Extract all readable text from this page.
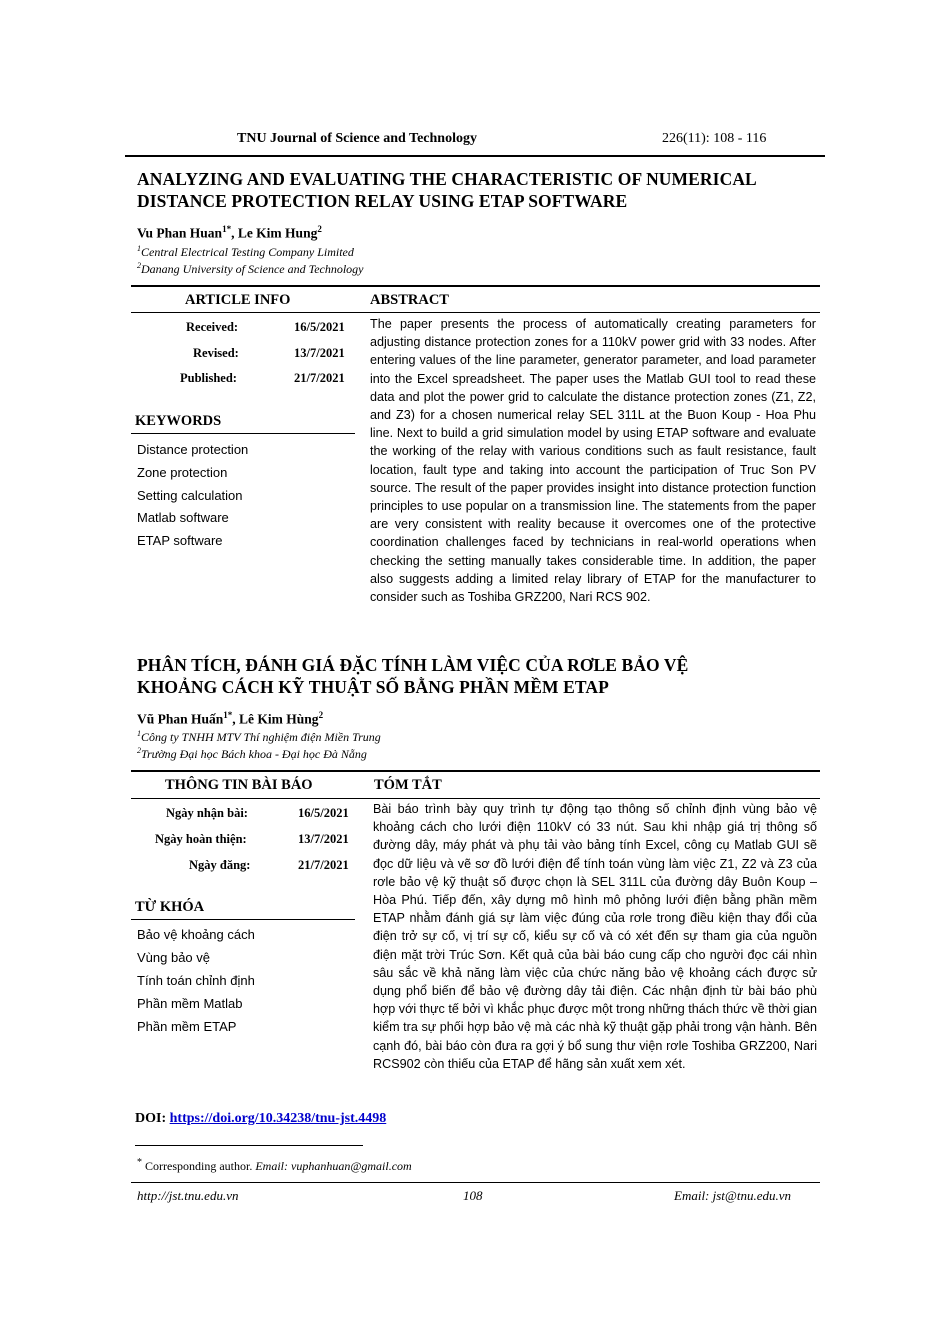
TNU Journal of Science and Technology	226(11): 108 - 116
ANALYZING AND EVALUATING THE CHARACTERISTIC OF NUMERICAL
DISTANCE PROTECTION RELAY USING ETAP SOFTWARE
Vu Phan Huan$^{1*}$, Le Kim Hung$^2$
$^1$Central Electrical Testing Company Limited
$^2$Danang University of Science and Technology
ARTICLE INFO	ABSTRACT
Received:	16/5/2021
Revised:	13/7/2021
Published:	21/7/2021
KEYWORDS
Distance protection
Zone protection
Setting calculation
Matlab software
ETAP software
The paper presents the process of automatically creating parameters for adjusting distance protection zones for a 110kV power grid with 33 nodes. After entering values of the line parameter, generator parameter, and load parameter into the Excel spreadsheet. The paper uses the Matlab GUI tool to read these data and plot the power grid to calculate the distance protection zones (Z1, Z2, and Z3) for a chosen numerical relay SEL 311L at the Buon Koup - Hoa Phu line. Next to build a grid simulation model by using ETAP software and evaluate the working of the relay with various conditions such as fault resistance, fault location, fault type and taking into account the participation of Truc Son PV source. The result of the paper provides insight into distance protection function principles to use popular on a transmission line. The statements from the paper are very consistent with reality because it overcomes one of the protective coordination challenges faced by technicians in real-world operations when checking the setting manually takes considerable time. In addition, the paper also suggests adding a limited relay library of ETAP for the manufacturer to consider such as Toshiba GRZ200, Nari RCS 902.
PHÂN TÍCH, ĐÁNH GIÁ ĐẶC TÍNH LÀM VIỆC CỦA RƠLE BẢO VỆ
KHOẢNG CÁCH KỸ THUẬT SỐ BẰNG PHẦN MỀM ETAP
Vũ Phan Huấn$^{1*}$, Lê Kim Hùng$^2$
$^1$Công ty TNHH MTV Thí nghiệm điện Miền Trung
$^2$Trường Đại học Bách khoa - Đại học Đà Nẵng
THÔNG TIN BÀI BÁO	TÓM TẮT
Ngày nhận bài:	16/5/2021
Ngày hoàn thiện:	13/7/2021
Ngày đăng:	21/7/2021
TỪ KHÓA
Bảo vệ khoảng cách
Vùng bảo vệ
Tính toán chỉnh định
Phần mềm Matlab
Phần mềm ETAP
Bài báo trình bày quy trình tự động tạo thông số chỉnh định vùng bảo vệ khoảng cách cho lưới điện 110kV có 33 nút. Sau khi nhập giá trị thông số đường dây, máy phát và phụ tải vào bảng tính Excel, công cụ Matlab GUI sẽ đọc dữ liệu và vẽ sơ đồ lưới điện để tính toán vùng làm việc Z1, Z2 và Z3 của rơle bảo vệ kỹ thuật số được chọn là SEL 311L của đường dây Buôn Koup – Hòa Phú. Tiếp đến, xây dựng mô hình mô phỏng lưới điện bằng phần mềm ETAP nhằm đánh giá sự làm việc đúng của rơle trong điều kiện thay đổi của điện trở sự cố, vị trí sự cố, kiểu sự cố và có xét đến sự tham gia của nguồn điện mặt trời Trúc Sơn. Kết quả của bài báo cung cấp cho người đọc cái nhìn sâu sắc về khả năng làm việc của chức năng bảo vệ khoảng cách được sử dụng phổ biến để bảo vệ đường dây tải điện. Các nhận định từ bài báo phù hợp với thực tế bởi vì khắc phục được một trong những thách thức về thời gian kiểm tra sự phối hợp bảo vệ mà các nhà kỹ thuật gặp phải trong vận hành. Bên cạnh đó, bài báo còn đưa ra gợi ý bổ sung thư viện rơle Toshiba GRZ200, Nari RCS902 còn thiếu của ETAP để hãng sản xuất xem xét.
DOI: https://doi.org/10.34238/tnu-jst.4498
* Corresponding author. Email: vuphanhuan@gmail.com
http://jst.tnu.edu.vn	108	Email: jst@tnu.edu.vn
